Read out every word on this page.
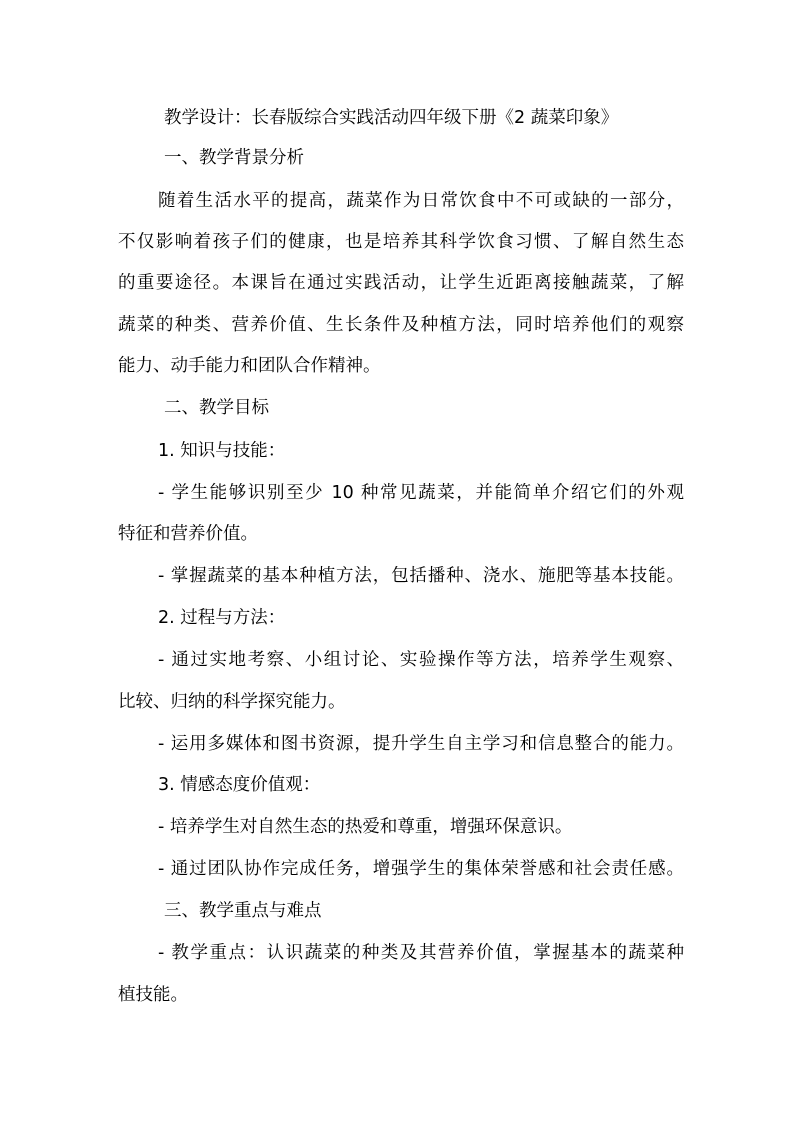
教学设计：长春版综合实践活动四年级下册《2 蔬菜印象》
一、教学背景分析
随着生活水平的提高，蔬菜作为日常饮食中不可或缺的一部分，
不仅影响着孩子们的健康，也是培养其科学饮食习惯、了解自然生态
的重要途径。本课旨在通过实践活动，让学生近距离接触蔬菜，了解
蔬菜的种类、营养价值、生长条件及种植方法，同时培养他们的观察
能力、动手能力和团队合作精神。
二、教学目标
1. 知识与技能：
- 学生能够识别至少 10 种常见蔬菜，并能简单介绍它们的外观
特征和营养价值。
- 掌握蔬菜的基本种植方法，包括播种、浇水、施肥等基本技能。
2. 过程与方法：
- 通过实地考察、小组讨论、实验操作等方法，培养学生观察、
比较、归纳的科学探究能力。
- 运用多媒体和图书资源，提升学生自主学习和信息整合的能力。
3. 情感态度价值观：
- 培养学生对自然生态的热爱和尊重，增强环保意识。
- 通过团队协作完成任务，增强学生的集体荣誉感和社会责任感。
三、教学重点与难点
- 教学重点：认识蔬菜的种类及其营养价值，掌握基本的蔬菜种
植技能。
